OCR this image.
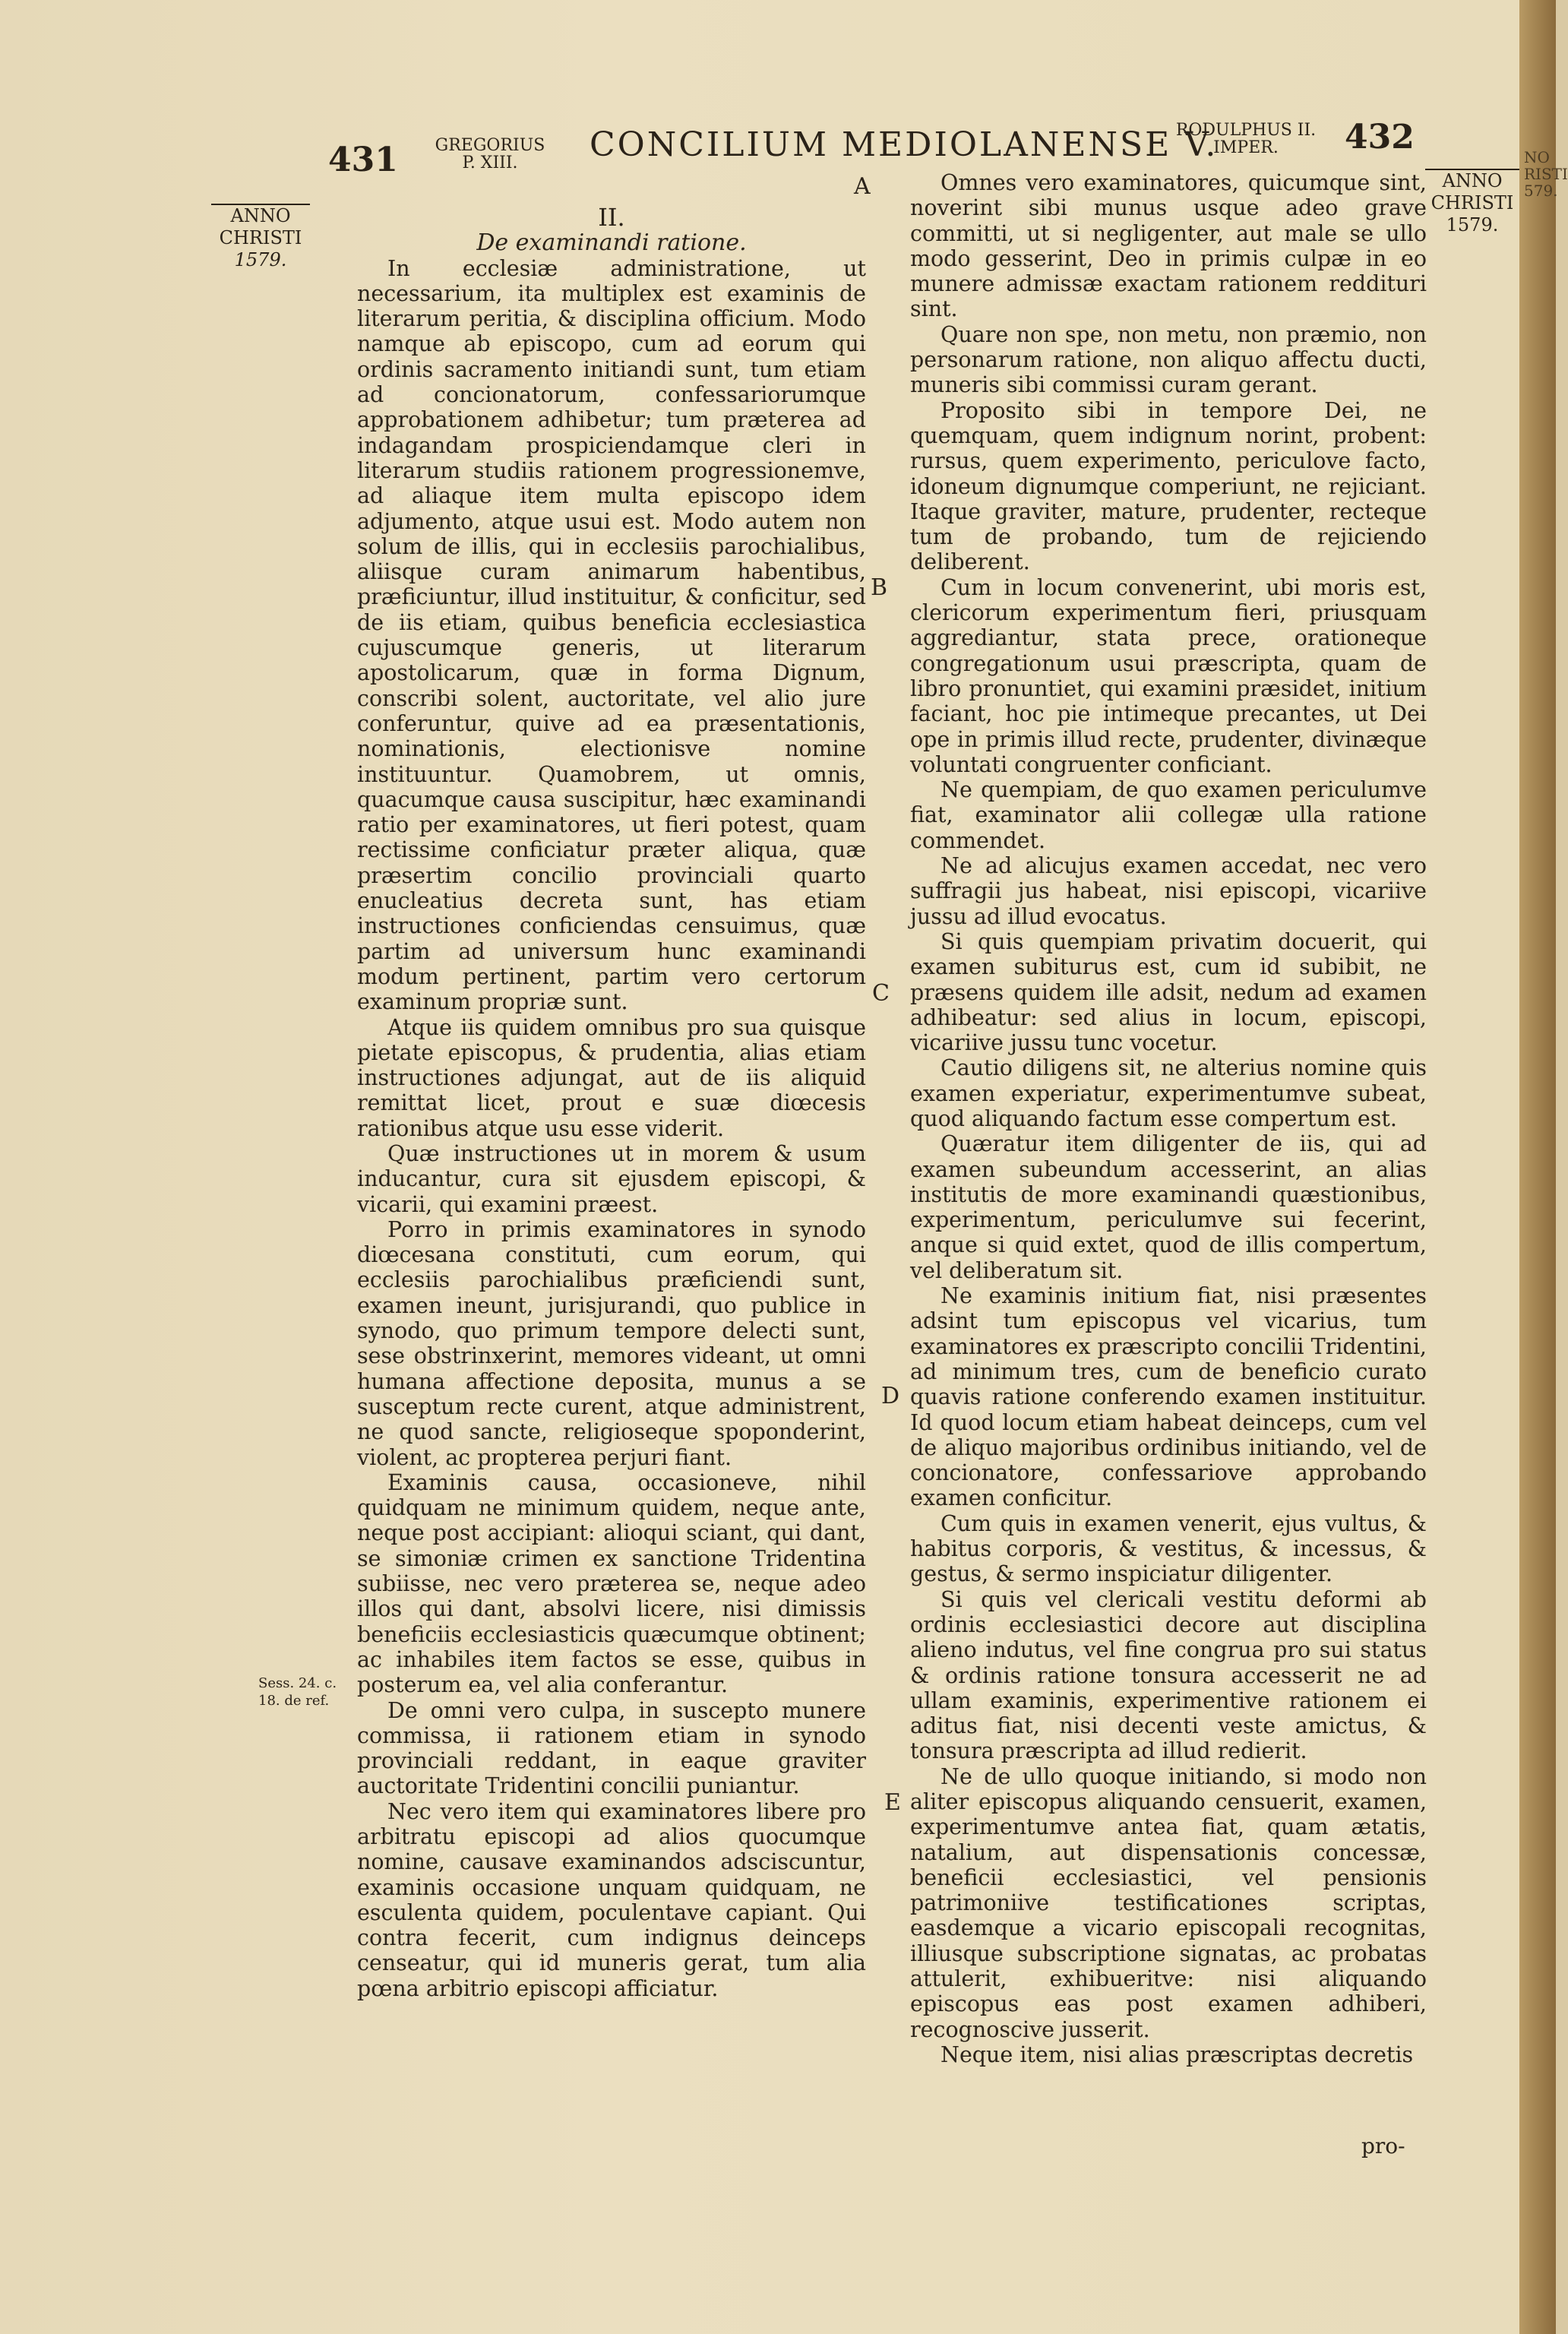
431 GREGORIUS
P. XIII.	CONCILIUM MEDIOLANENSE V.
RODULPHUS II.
IMPER.	432
ANNO
CHRISTI
1579.
ANNO
CHRISTI
1579.

II.

De examinandi ratione.

In ecclesiæ administratione, ut necessarium, ita multiplex est examinis de literarum peritia, & disciplina officium. Modo namque ab episcopo, cum ad eorum qui ordinis sacramento initiandi sunt, tum etiam ad concionatorum, confessariorumque approbationem adhibetur; tum præterea ad indagandam prospiciendamque cleri in literarum studiis rationem progressionemve, ad aliaque item multa episcopo idem adjumento, atque usui est. Modo autem non solum de illis, qui in ecclesiis parochialibus, aliisque curam animarum habentibus, præficiuntur, illud instituitur, & conficitur, sed de iis etiam, quibus beneficia ecclesiastica cujuscumque generis, ut literarum apostolicarum, quæ in forma Dignum, conscribi solent, auctoritate, vel alio jure conferuntur, quive ad ea præsentationis, nominationis, electionisve nomine instituuntur. Quamobrem, ut omnis, quacumque causa suscipitur, hæc examinandi ratio per examinatores, ut fieri potest, quam rectissime conficiatur præter aliqua, quæ præsertim concilio provinciali quarto enucleatius decreta sunt, has etiam instructiones conficiendas censuimus, quæ partim ad universum hunc examinandi modum pertinent, partim vero certorum examinum propriæ sunt.

Atque iis quidem omnibus pro sua quisque pietate episcopus, & prudentia, alias etiam instructiones adjungat, aut de iis aliquid remittat licet, prout e suæ diœcesis rationibus atque usu esse viderit.

Quæ instructiones ut in morem & usum inducantur, cura sit ejusdem episcopi, & vicarii, qui examini præest.

Porro in primis examinatores in synodo diœcesana constituti, cum eorum, qui ecclesiis parochialibus præficiendi sunt, examen ineunt, jurisjurandi, quo publice in synodo, quo primum tempore delecti sunt, sese obstrinxerint, memores videant, ut omni humana affectione deposita, munus a se susceptum recte curent, atque administrent, ne quod sancte, religioseque spoponderint, violent, ac propterea perjuri fiant.

Examinis causa, occasioneve, nihil quidquam ne minimum quidem, neque ante, neque post accipiant: alioqui sciant, qui dant, se simoniæ crimen ex sanctione Tridentina subiisse, nec vero præterea se, neque adeo illos qui dant, absolvi licere, nisi dimissis beneficiis ecclesiasticis quæcumque obtinent; ac inhabiles item factos se esse, quibus in posterum ea, vel alia conferantur.

De omni vero culpa, in suscepto munere commissa, ii rationem etiam in synodo provinciali reddant, in eaque graviter auctoritate Tridentini concilii puniantur.

Nec vero item qui examinatores libere pro arbitratu episcopi ad alios quocumque nomine, causave examinandos adsciscuntur, examinis occasione unquam quidquam, ne esculenta quidem, poculentave capiant. Qui contra fecerit, cum indignus deinceps censeatur, qui id muneris gerat, tum alia pœna arbitrio episcopi afficiatur.

Sess. 24. c.
18. de ref.
A
B
C
D
E

Omnes vero examinatores, quicumque sint, noverint sibi munus usque adeo grave committi, ut si negligenter, aut male se ullo modo gesserint, Deo in primis culpæ in eo munere admissæ exactam rationem reddituri sint.

Quare non spe, non metu, non præmio, non personarum ratione, non aliquo affectu ducti, muneris sibi commissi curam gerant.

Proposito sibi in tempore Dei, ne quemquam, quem indignum norint, probent: rursus, quem experimento, periculove facto, idoneum dignumque comperiunt, ne rejiciant. Itaque graviter, mature, prudenter, recteque tum de probando, tum de rejiciendo deliberent.

Cum in locum convenerint, ubi moris est, clericorum experimentum fieri, priusquam aggrediantur, stata prece, orationeque congregationum usui præscripta, quam de libro pronuntiet, qui examini præsidet, initium faciant, hoc pie intimeque precantes, ut Dei ope in primis illud recte, prudenter, divinæque voluntati congruenter conficiant.

Ne quempiam, de quo examen periculumve fiat, examinator alii collegæ ulla ratione commendet.

Ne ad alicujus examen accedat, nec vero suffragii jus habeat, nisi episcopi, vicariive jussu ad illud evocatus.

Si quis quempiam privatim docuerit, qui examen subiturus est, cum id subibit, ne præsens quidem ille adsit, nedum ad examen adhibeatur: sed alius in locum, episcopi, vicariive jussu tunc vocetur.

Cautio diligens sit, ne alterius nomine quis examen experiatur, experimentumve subeat, quod aliquando factum esse compertum est.

Quæratur item diligenter de iis, qui ad examen subeundum accesserint, an alias institutis de more examinandi quæstionibus, experimentum, periculumve sui fecerint, anque si quid extet, quod de illis compertum, vel deliberatum sit.

Ne examinis initium fiat, nisi præsentes adsint tum episcopus vel vicarius, tum examinatores ex præscripto concilii Tridentini, ad minimum tres, cum de beneficio curato quavis ratione conferendo examen instituitur. Id quod locum etiam habeat deinceps, cum vel de aliquo majoribus ordinibus initiando, vel de concionatore, confessariove approbando examen conficitur.

Cum quis in examen venerit, ejus vultus, & habitus corporis, & vestitus, & incessus, & gestus, & sermo inspiciatur diligenter.

Si quis vel clericali vestitu deformi ab ordinis ecclesiastici decore aut disciplina alieno indutus, vel fine congrua pro sui status & ordinis ratione tonsura accesserit ne ad ullam examinis, experimentive rationem ei aditus fiat, nisi decenti veste amictus, & tonsura præscripta ad illud redierit.

Ne de ullo quoque initiando, si modo non aliter episcopus aliquando censuerit, examen, experimentumve antea fiat, quam ætatis, natalium, aut dispensationis concessæ, beneficii ecclesiastici, vel pensionis patrimoniive testificationes scriptas, easdemque a vicario episcopali recognitas, illiusque subscriptione signatas, ac probatas attulerit, exhibueritve: nisi aliquando episcopus eas post examen adhiberi, recognoscive jusserit.

Neque item, nisi alias præscriptas decretis

pro-
NO
RISTI
579.
